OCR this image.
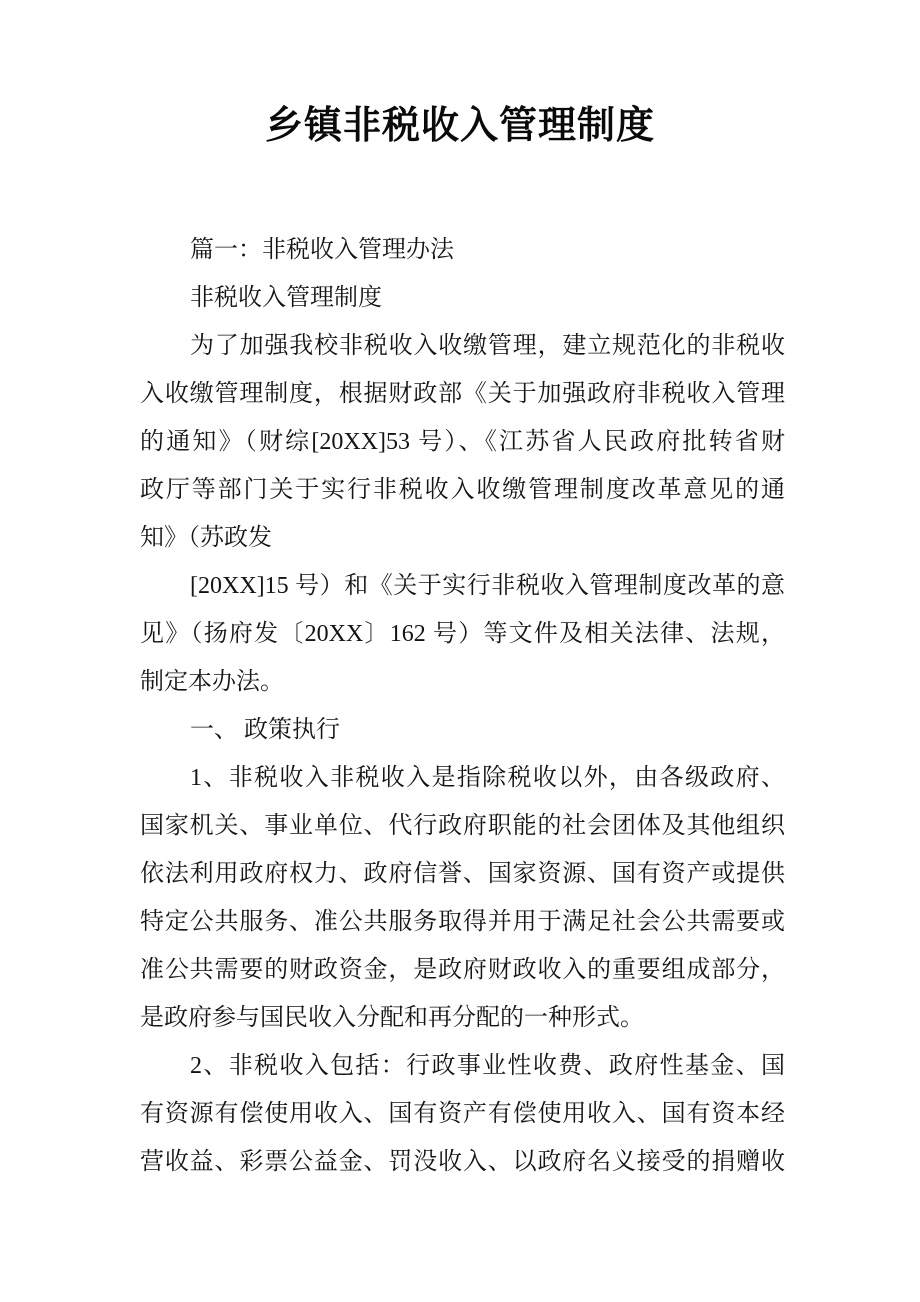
乡镇非税收入管理制度
篇一：非税收入管理办法
非税收入管理制度
为了加强我校非税收入收缴管理，建立规范化的非税收
入收缴管理制度，根据财政部《关于加强政府非税收入管理
的通知》（财综[20XX]53 号）、《江苏省人民政府批转省财
政厅等部门关于实行非税收入收缴管理制度改革意见的通
知》（苏政发
[20XX]15 号）和《关于实行非税收入管理制度改革的意
见》（扬府发〔20XX〕162 号）等文件及相关法律、法规，
制定本办法。
一、 政策执行
1、非税收入非税收入是指除税收以外，由各级政府、
国家机关、事业单位、代行政府职能的社会团体及其他组织
依法利用政府权力、政府信誉、国家资源、国有资产或提供
特定公共服务、准公共服务取得并用于满足社会公共需要或
准公共需要的财政资金，是政府财政收入的重要组成部分，
是政府参与国民收入分配和再分配的一种形式。
2、非税收入包括：行政事业性收费、政府性基金、国
有资源有偿使用收入、国有资产有偿使用收入、国有资本经
营收益、彩票公益金、罚没收入、以政府名义接受的捐赠收
